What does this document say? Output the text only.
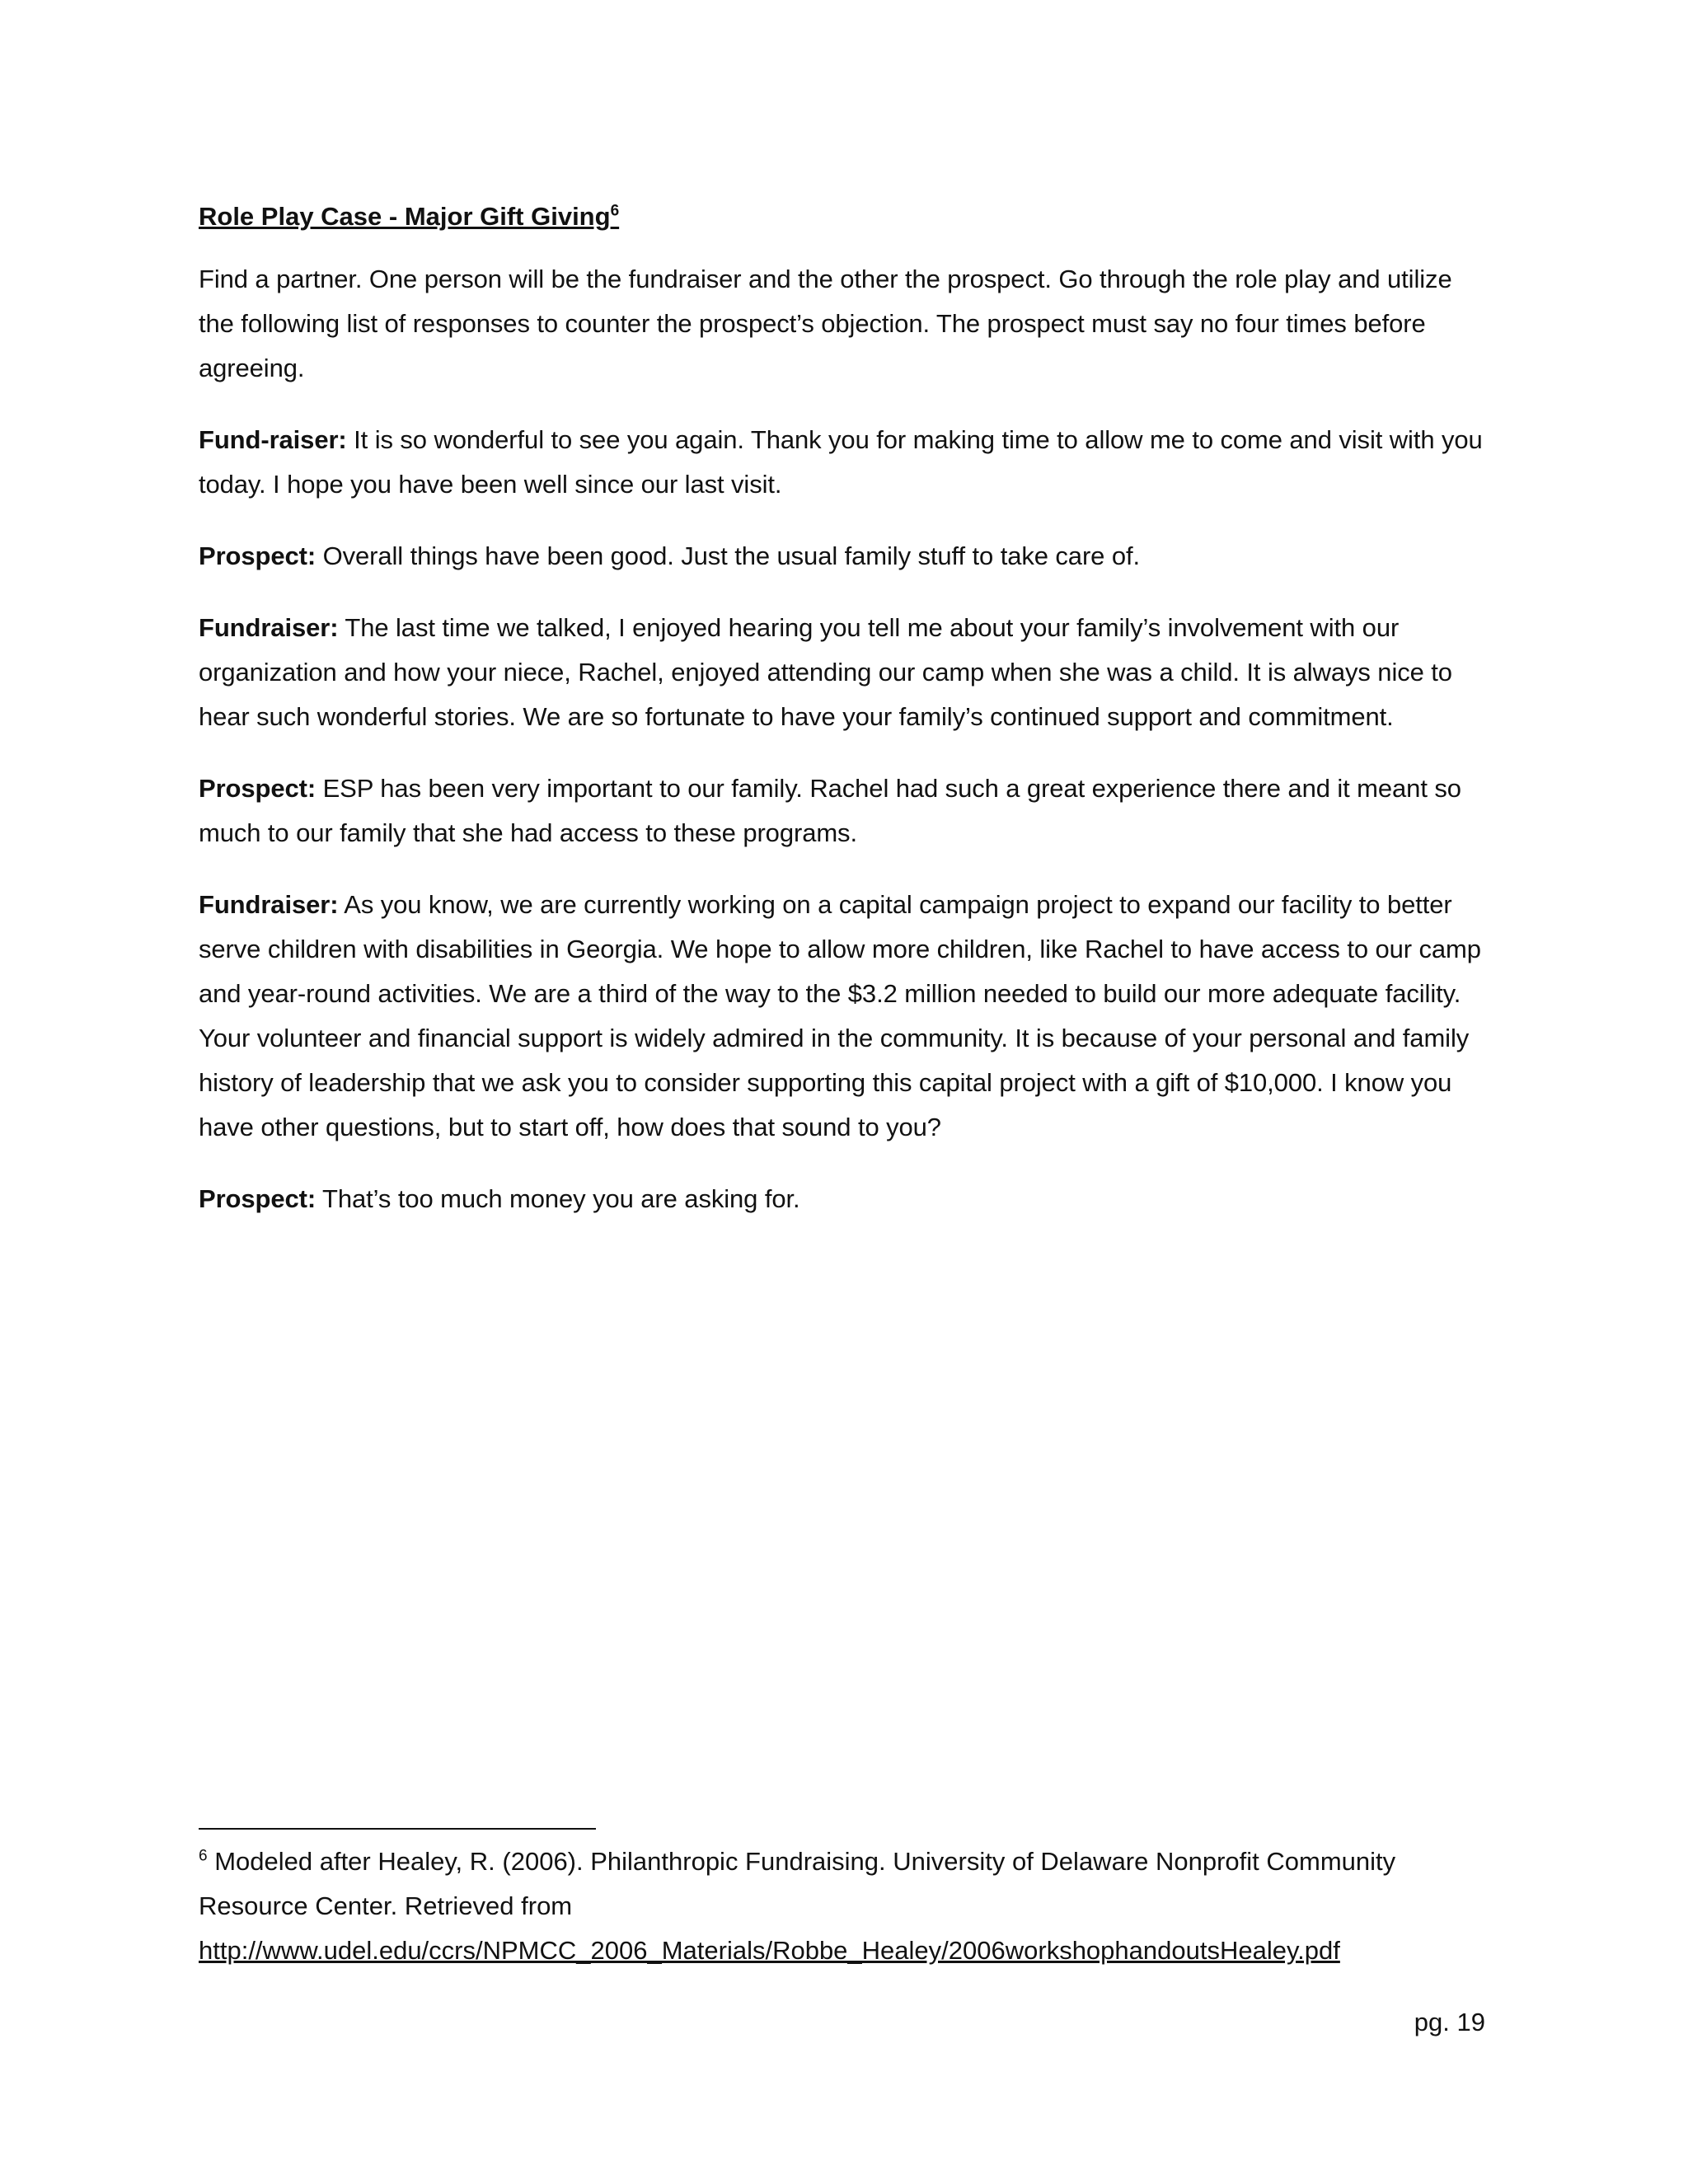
Role Play Case - Major Gift Giving$^6$

Find a partner. One person will be the fundraiser and the other the prospect. Go through the role play and utilize the following list of responses to counter the prospect’s objection. The prospect must say no four times before agreeing.

Fund-raiser: It is so wonderful to see you again. Thank you for making time to allow me to come and visit with you today. I hope you have been well since our last visit.

Prospect: Overall things have been good. Just the usual family stuff to take care of.

Fundraiser: The last time we talked, I enjoyed hearing you tell me about your family’s involvement with our organization and how your niece, Rachel, enjoyed attending our camp when she was a child. It is always nice to hear such wonderful stories. We are so fortunate to have your family’s continued support and commitment.

Prospect: ESP has been very important to our family. Rachel had such a great experience there and it meant so much to our family that she had access to these programs.

Fundraiser: As you know, we are currently working on a capital campaign project to expand our facility to better serve children with disabilities in Georgia. We hope to allow more children, like Rachel to have access to our camp and year-round activities. We are a third of the way to the $3.2 million needed to build our more adequate facility. Your volunteer and financial support is widely admired in the community. It is because of your personal and family history of leadership that we ask you to consider supporting this capital project with a gift of $10,000. I know you have other questions, but to start off, how does that sound to you?

Prospect: That’s too much money you are asking for.

$^6$ Modeled after Healey, R. (2006). Philanthropic Fundraising. University of Delaware Nonprofit Community Resource Center. Retrieved from
http://www.udel.edu/ccrs/NPMCC_2006_Materials/Robbe_Healey/2006workshophandoutsHealey.pdf
pg. 19
